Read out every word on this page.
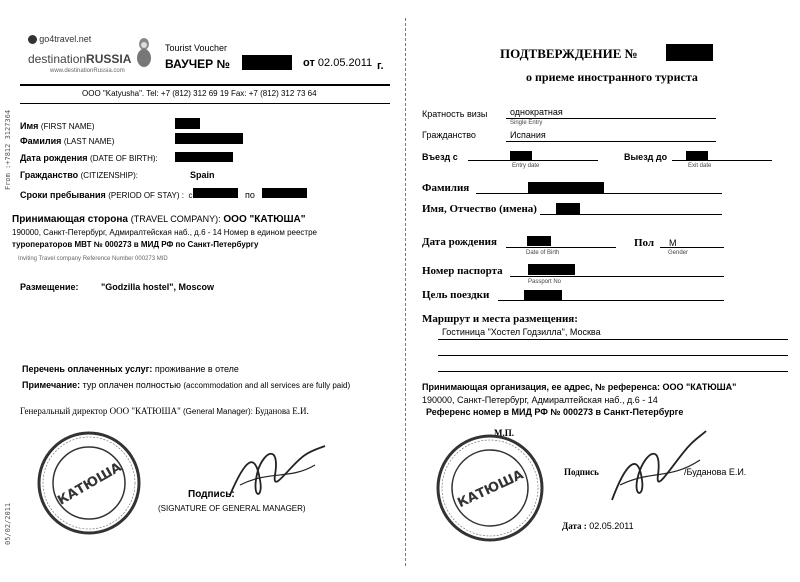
From :+7812 3127364
05/02/2011
go4travel.net
destinationRUSSIA
www.destinationRussia.com
Tourist Voucher
ВАУЧЕР №	от 02.05.2011 г.
ООО "Katyusha". Tel: +7 (812) 312 69 19 Fax: +7 (812) 312 73 64
Имя (FIRST NAME)
Фамилия (LAST NAME)
Дата рождения (DATE OF BIRTH):
Гражданство (CITIZENSHIP):	Spain
Сроки пребывания (PERIOD OF STAY) : с	по
Принимающая сторона (TRAVEL COMPANY): ООО "КАТЮША"
190000, Санкт-Петербург, Адмиралтейская наб., д.6 - 14 Номер в едином реестре
туроператоров МВТ № 000273 в МИД РФ по Санкт-Петербургу
Inviting Travel company Reference Number 000273 MID
Размещение:	"Godzilla hostel", Moscow
Перечень оплаченных услуг: проживание в отеле
Примечание: тур оплачен полностью (accommodation and all services are fully paid)
Генеральный директор ООО "КАТЮША" (General Manager): Буданова Е.И.
КАТЮША	Подпись:
(SIGNATURE OF GENERAL MANAGER)
ПОДТВЕРЖДЕНИЕ №
о приеме иностранного туриста
Кратность визы	однократная
Single Entry
Гражданство	Испания
Въезд с
Entry date
Выезд до
Exit date
Фамилия
Имя, Отчество (имена)
Дата рождения
Date of Birth
Пол M
Gender
Номер паспорта
Passport No
Цель поездки
Маршрут и места размещения:
Гостиница "Хостел Годзилла", Москва
Принимающая организация, ее адрес, № референса: ООО "КАТЮША"
190000, Санкт-Петербург, Адмиралтейская наб., д.6 - 14
Референс номер в МИД РФ № 000273 в Санкт-Петербурге
М.П.
КАТЮША	Подпись	/Буданова Е.И.
Дата : 02.05.2011
